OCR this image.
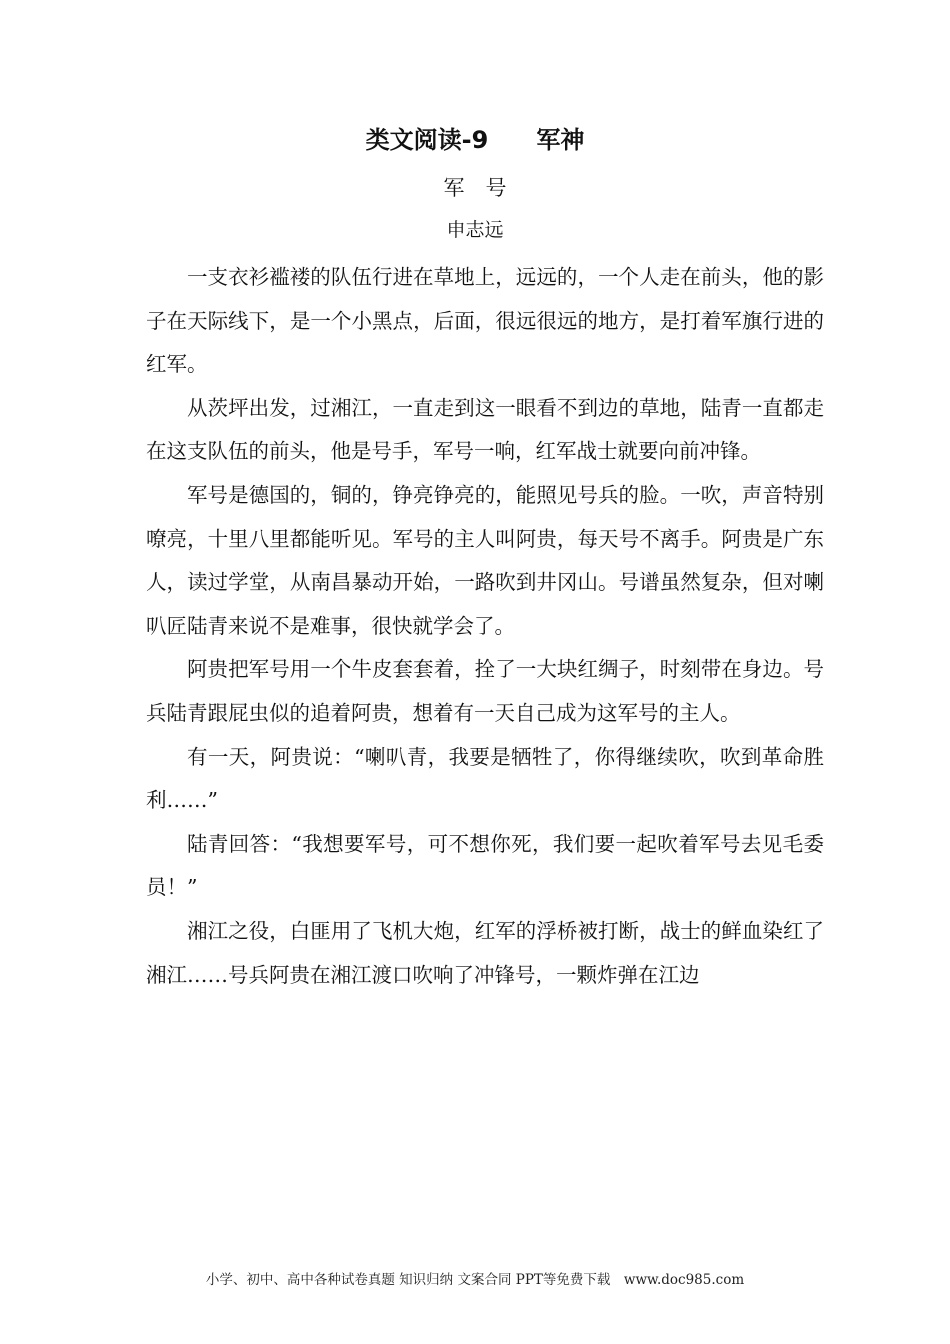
类文阅读-9　　军神
军　号
申志远

一支衣衫褴褛的队伍行进在草地上，远远的，一个人走在前头，他的影子在天际线下，是一个小黑点，后面，很远很远的地方，是打着军旗行进的红军。

从茨坪出发，过湘江，一直走到这一眼看不到边的草地，陆青一直都走在这支队伍的前头，他是号手，军号一响，红军战士就要向前冲锋。

军号是德国的，铜的，铮亮铮亮的，能照见号兵的脸。一吹，声音特别嘹亮，十里八里都能听见。军号的主人叫阿贵，每天号不离手。阿贵是广东人，读过学堂，从南昌暴动开始，一路吹到井冈山。号谱虽然复杂，但对喇叭匠陆青来说不是难事，很快就学会了。

阿贵把军号用一个牛皮套套着，拴了一大块红绸子，时刻带在身边。号兵陆青跟屁虫似的追着阿贵，想着有一天自己成为这军号的主人。

有一天，阿贵说：“喇叭青，我要是牺牲了，你得继续吹，吹到革命胜利……”

陆青回答：“我想要军号，可不想你死，我们要一起吹着军号去见毛委员！”

湘江之役，白匪用了飞机大炮，红军的浮桥被打断，战士的鲜血染红了湘江……号兵阿贵在湘江渡口吹响了冲锋号，一颗炸弹在江边

小学、初中、高中各种试卷真题 知识归纳 文案合同 PPT等免费下载　www.doc985.com
